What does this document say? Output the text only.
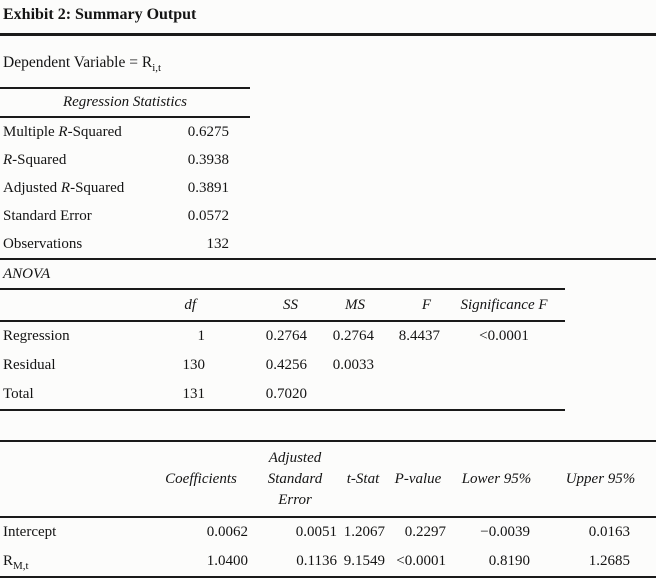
Exhibit 2: Summary Output
Dependent Variable = $R_{i,t}$
Regression Statistics
Multiple R-Squared	0.6275
R-Squared	0.3938
Adjusted R-Squared	0.3891
Standard Error	0.0572
Observations	132
ANOVA
	df	SS	MS	F	Significance F
Regression	1	0.2764	0.2764	8.4437	<0.0001
Residual	130	0.4256	0.0033		
Total	131	0.7020			
	Coefficients	Adjusted Standard Error	t-Stat	P-value	Lower 95%	Upper 95%
Intercept	0.0062	0.0051	1.2067	0.2297	−0.0039	0.0163
$R_{M,t}$	1.0400	0.1136	9.1549	<0.0001	0.8190	1.2685
